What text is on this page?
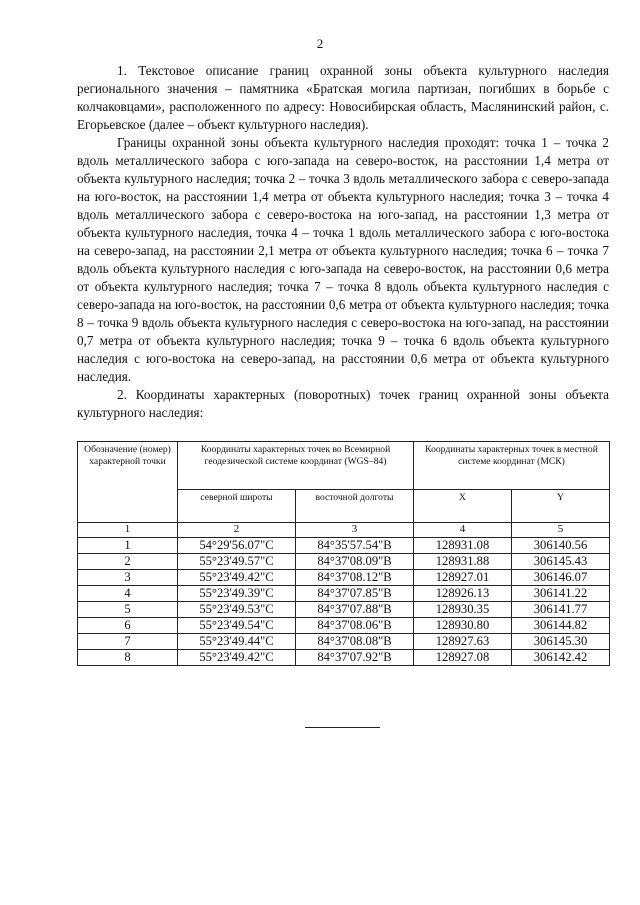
2

1. Текстовое описание границ охранной зоны объекта культурного наследия регионального значения – памятника «Братская могила партизан, погибших в борьбе с колчаковцами», расположенного по адресу: Новосибирская область, Маслянинский район, с. Егорьевское (далее – объект культурного наследия).

Границы охранной зоны объекта культурного наследия проходят: точка 1 – точка 2 вдоль металлического забора с юго-запада на северо-восток, на расстоянии 1,4 метра от объекта культурного наследия; точка 2 – точка 3 вдоль металлического забора с северо-запада на юго-восток, на расстоянии 1,4 метра от объекта культурного наследия; точка 3 – точка 4 вдоль металлического забора с северо-востока на юго-запад, на расстоянии 1,3 метра от объекта культурного наследия, точка 4 – точка 1 вдоль металлического забора с юго-востока на северо-запад, на расстоянии 2,1 метра от объекта культурного наследия; точка 6 – точка 7 вдоль объекта культурного наследия с юго-запада на северо-восток, на расстоянии 0,6 метра от объекта культурного наследия; точка 7 – точка 8 вдоль объекта культурного наследия с северо-запада на юго-восток, на расстоянии 0,6 метра от объекта культурного наследия; точка 8 – точка 9 вдоль объекта культурного наследия с северо-востока на юго-запад, на расстоянии 0,7 метра от объекта культурного наследия; точка 9 – точка 6 вдоль объекта культурного наследия с юго-востока на северо-запад, на расстоянии 0,6 метра от объекта культурного наследия.

2. Координаты характерных (поворотных) точек границ охранной зоны объекта культурного наследия:

Обозначение (номер) характерной точки	Координаты характерных точек во Всемирной геодезической системе координат (WGS–84)		Координаты характерных точек в местной системе координат (МСК)	
	северной широты	восточной долготы	X	Y
1	2	3	4	5
1	54°29'56.07"С	84°35'57.54"В	128931.08	306140.56
2	55°23'49.57"С	84°37'08.09"В	128931.88	306145.43
3	55°23'49.42"С	84°37'08.12"В	128927.01	306146.07
4	55°23'49.39"С	84°37'07.85"В	128926.13	306141.22
5	55°23'49.53"С	84°37'07.88"В	128930.35	306141.77
6	55°23'49.54"С	84°37'08.06"В	128930.80	306144.82
7	55°23'49.44"С	84°37'08.08"В	128927.63	306145.30
8	55°23'49.42"С	84°37'07.92"В	128927.08	306142.42
